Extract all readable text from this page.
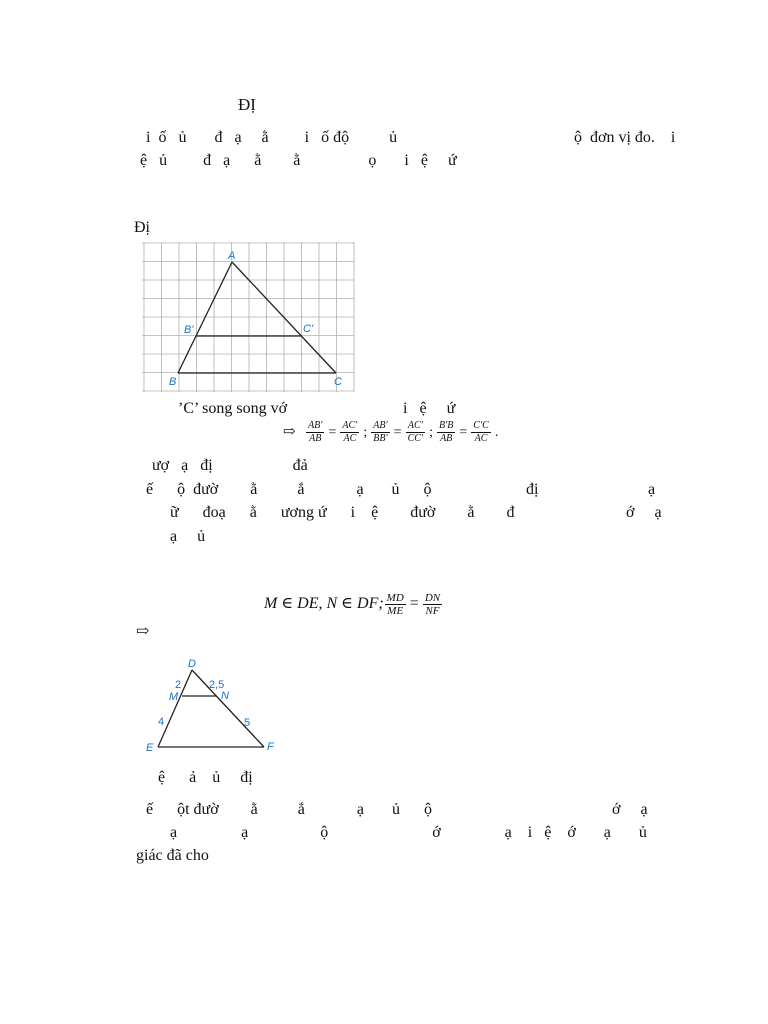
ĐỊ
i  ố   ủ       đ   ạ     ằ         i   ố độ          ủ	ộ  đơn vị đo.    i
ệ   ủ         đ   ạ      ằ        ằ                 ọ       i   ệ     ứ
Đị
A
B'	C'
B	C
’C’ song song vớ                             i   ệ     ứ
⇨ $\frac{AB'}{AB} = \frac{AC'}{AC}$ ; $\frac{AB'}{BB'} = \frac{AC'}{CC'}$ ; $\frac{B'B}{AB} = \frac{C'C}{AC}$ .
ượ   ạ   đị                    đả
ế      ộ  đườ        ằ          ắ             ạ       ủ      ộ	đị	ạ
ữ      đoạ      ằ      ương ứ      i    ệ        đườ        ằ        đ	ớ     ạ
ạ     ủ
M ∈ DE, N ∈ DF; $\frac{MD}{ME} = \frac{DN}{NF}$
⇨
D
M	N
E	F
2	2,5
4	5
ệ      ả    ủ     đị
ế      ột đườ        ằ          ắ             ạ       ủ      ộ	ớ     ạ
ạ                ạ                  ộ                          ớ                ạ    i   ệ    ớ       ạ       ủ
giác đã cho
